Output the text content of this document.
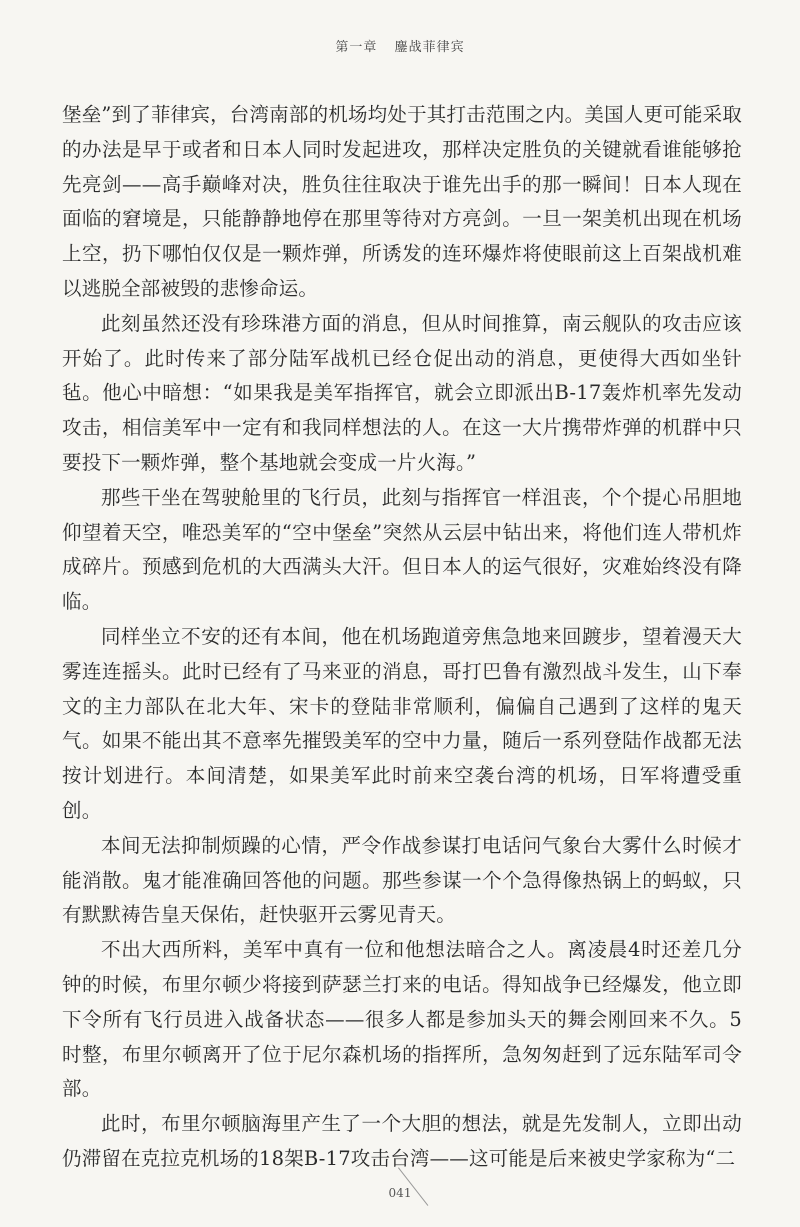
第一章 鏖战菲律宾

堡垒”到了菲律宾，台湾南部的机场均处于其打击范围之内。美国人更可能采取的办法是早于或者和日本人同时发起进攻，那样决定胜负的关键就看谁能够抢先亮剑——高手巅峰对决，胜负往往取决于谁先出手的那一瞬间！日本人现在面临的窘境是，只能静静地停在那里等待对方亮剑。一旦一架美机出现在机场上空，扔下哪怕仅仅是一颗炸弹，所诱发的连环爆炸将使眼前这上百架战机难以逃脱全部被毁的悲惨命运。

此刻虽然还没有珍珠港方面的消息，但从时间推算，南云舰队的攻击应该开始了。此时传来了部分陆军战机已经仓促出动的消息，更使得大西如坐针毡。他心中暗想：“如果我是美军指挥官，就会立即派出B-17轰炸机率先发动攻击，相信美军中一定有和我同样想法的人。在这一大片携带炸弹的机群中只要投下一颗炸弹，整个基地就会变成一片火海。”

那些干坐在驾驶舱里的飞行员，此刻与指挥官一样沮丧，个个提心吊胆地仰望着天空，唯恐美军的“空中堡垒”突然从云层中钻出来，将他们连人带机炸成碎片。预感到危机的大西满头大汗。但日本人的运气很好，灾难始终没有降临。

同样坐立不安的还有本间，他在机场跑道旁焦急地来回踱步，望着漫天大雾连连摇头。此时已经有了马来亚的消息，哥打巴鲁有激烈战斗发生，山下奉文的主力部队在北大年、宋卡的登陆非常顺利，偏偏自己遇到了这样的鬼天气。如果不能出其不意率先摧毁美军的空中力量，随后一系列登陆作战都无法按计划进行。本间清楚，如果美军此时前来空袭台湾的机场，日军将遭受重创。

本间无法抑制烦躁的心情，严令作战参谋打电话问气象台大雾什么时候才能消散。鬼才能准确回答他的问题。那些参谋一个个急得像热锅上的蚂蚁，只有默默祷告皇天保佑，赶快驱开云雾见青天。

不出大西所料，美军中真有一位和他想法暗合之人。离凌晨4时还差几分钟的时候，布里尔顿少将接到萨瑟兰打来的电话。得知战争已经爆发，他立即下令所有飞行员进入战备状态——很多人都是参加头天的舞会刚回来不久。5时整，布里尔顿离开了位于尼尔森机场的指挥所，急匆匆赶到了远东陆军司令部。

此时，布里尔顿脑海里产生了一个大胆的想法，就是先发制人，立即出动仍滞留在克拉克机场的18架B-17攻击台湾——这可能是后来被史学家称为“二

041
